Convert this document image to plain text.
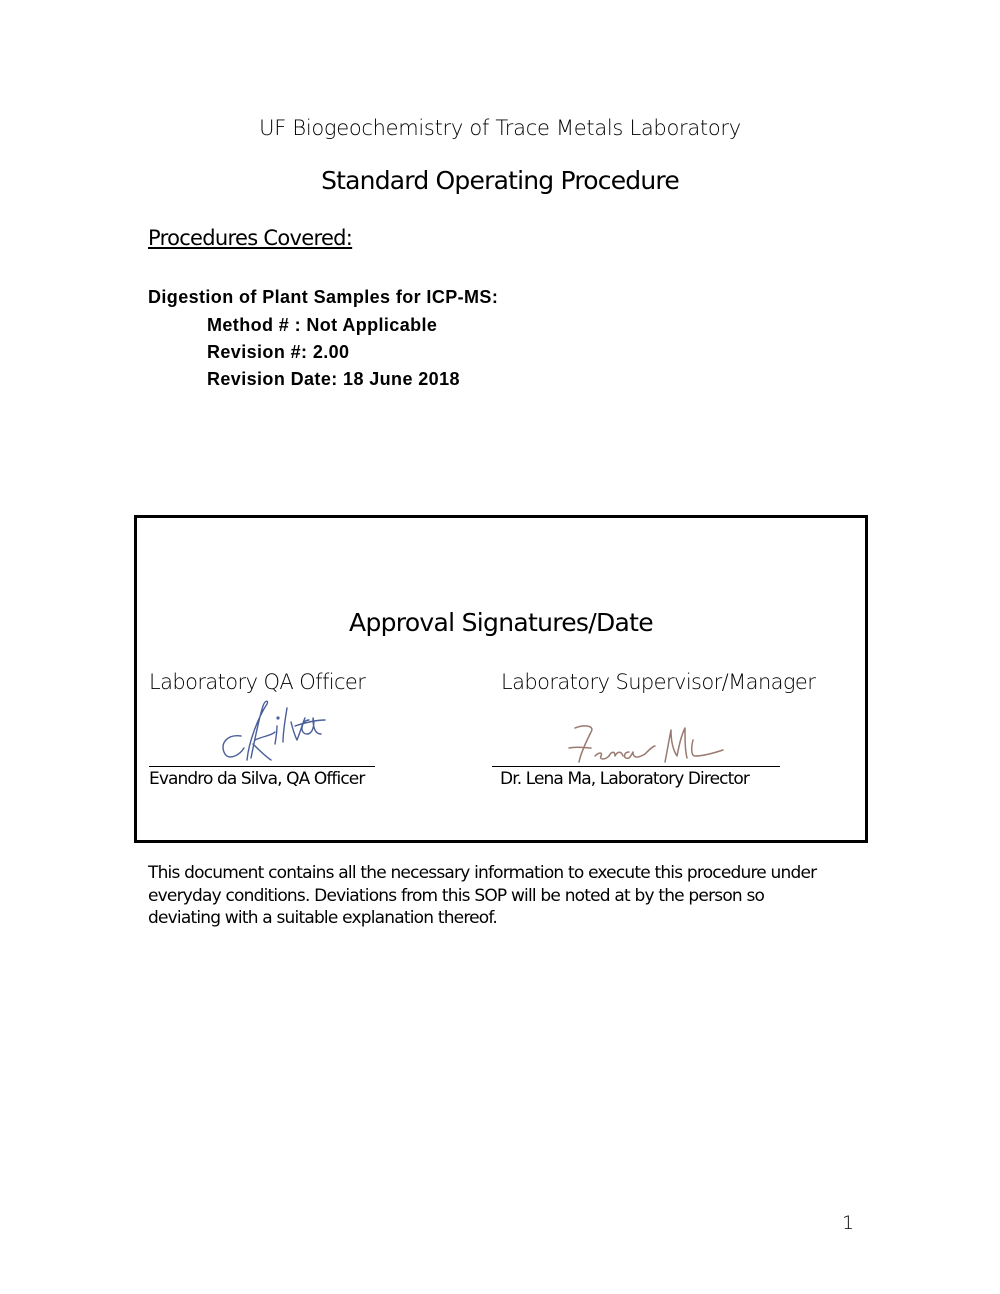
UF Biogeochemistry of Trace Metals Laboratory
Standard Operating Procedure
Procedures Covered:
Digestion of Plant Samples for ICP-MS:
Method # : Not Applicable
Revision #: 2.00
Revision Date: 18 June 2018
Approval Signatures/Date
Laboratory QA Officer	Laboratory Supervisor/Manager
Evandro da Silva, QA Officer	Dr. Lena Ma, Laboratory Director
This document contains all the necessary information to execute this procedure under everyday conditions. Deviations from this SOP will be noted at by the person so deviating with a suitable explanation thereof.
1
